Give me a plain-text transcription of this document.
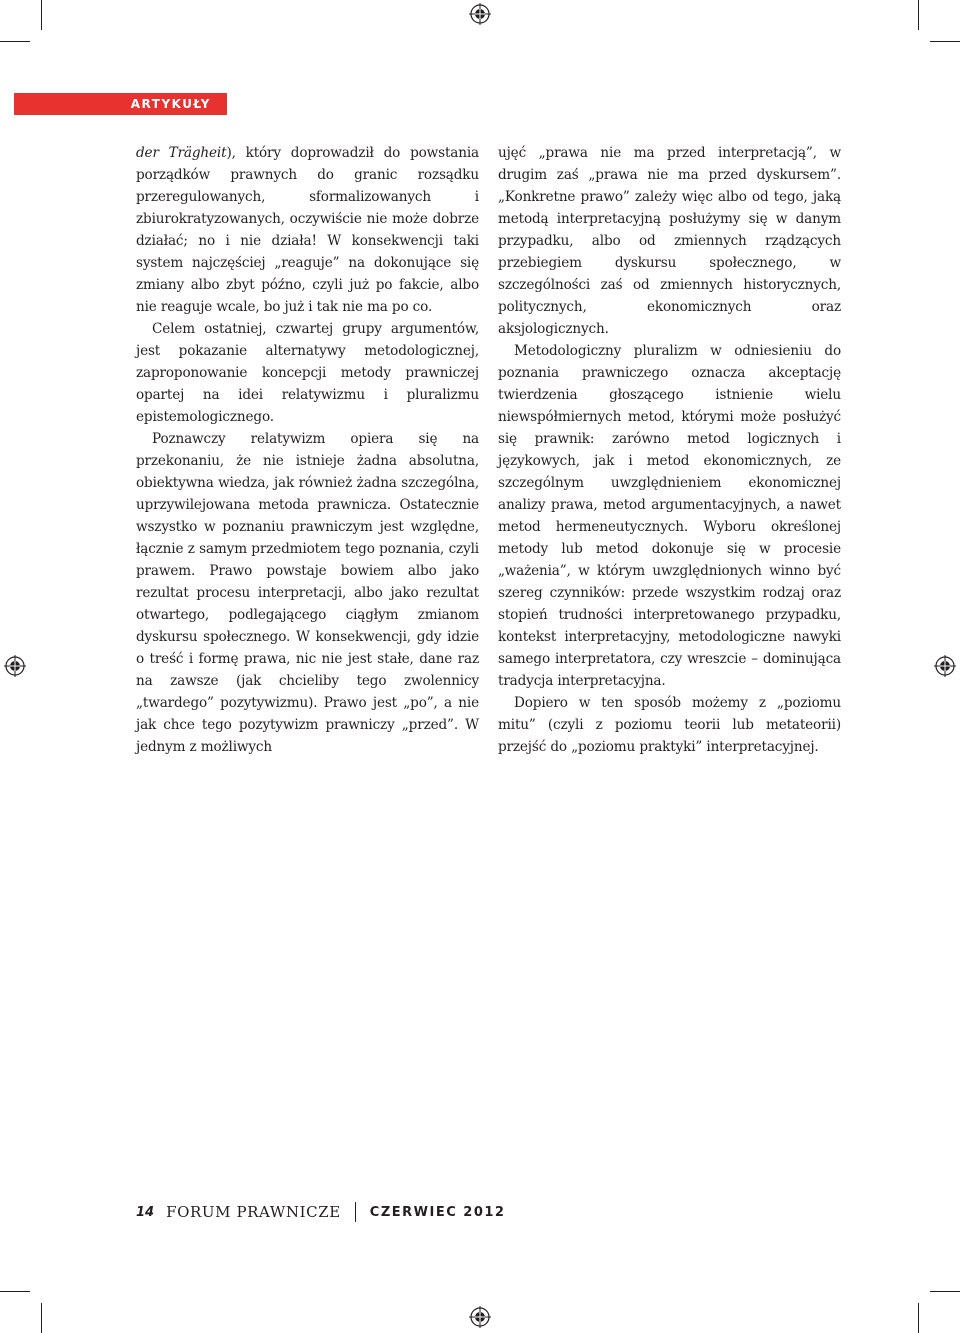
ARTYKUŁY

der Trägheit), który doprowadził do powstania porządków prawnych do granic rozsądku przeregulowanych, sformalizowanych i zbiurokratyzowanych, oczywiście nie może dobrze działać; no i nie działa! W konsekwencji taki system najczęściej „reaguje” na dokonujące się zmiany albo zbyt późno, czyli już po fakcie, albo nie reaguje wcale, bo już i tak nie ma po co.

Celem ostatniej, czwartej grupy argumentów, jest pokazanie alternatywy metodologicznej, zaproponowanie koncepcji metody prawniczej opartej na idei relatywizmu i pluralizmu epistemologicznego.

Poznawczy relatywizm opiera się na przekonaniu, że nie istnieje żadna absolutna, obiektywna wiedza, jak również żadna szczególna, uprzywilejowana metoda prawnicza. Ostatecznie wszystko w poznaniu prawniczym jest względne, łącznie z samym przedmiotem tego poznania, czyli prawem. Prawo powstaje bowiem albo jako rezultat procesu interpretacji, albo jako rezultat otwartego, podlegającego ciągłym zmianom dyskursu społecznego. W konsekwencji, gdy idzie o treść i formę prawa, nic nie jest stałe, dane raz na zawsze (jak chcieliby tego zwolennicy „twardego” pozytywizmu). Prawo jest „po”, a nie jak chce tego pozytywizm prawniczy „przed”. W jednym z możliwych

ujęć „prawa nie ma przed interpretacją”, w drugim zaś „prawa nie ma przed dyskursem”. „Konkretne prawo” zależy więc albo od tego, jaką metodą interpretacyjną posłużymy się w danym przypadku, albo od zmiennych rządzących przebiegiem dyskursu społecznego, w szczególności zaś od zmiennych historycznych, politycznych, ekonomicznych oraz aksjologicznych.

Metodologiczny pluralizm w odniesieniu do poznania prawniczego oznacza akceptację twierdzenia głoszącego istnienie wielu niewspółmiernych metod, którymi może posłużyć się prawnik: zarówno metod logicznych i językowych, jak i metod ekonomicznych, ze szczególnym uwzględnieniem ekonomicznej analizy prawa, metod argumentacyjnych, a nawet metod hermeneutycznych. Wyboru określonej metody lub metod dokonuje się w procesie „ważenia”, w którym uwzględnionych winno być szereg czynników: przede wszystkim rodzaj oraz stopień trudności interpretowanego przypadku, kontekst interpretacyjny, metodologiczne nawyki samego interpretatora, czy wreszcie – dominująca tradycja interpretacyjna.

Dopiero w ten sposób możemy z „poziomu mitu” (czyli z poziomu teorii lub metateorii) przejść do „poziomu praktyki” interpretacyjnej.

14 FORUM PRAWNICZE CZERWIEC 2012
